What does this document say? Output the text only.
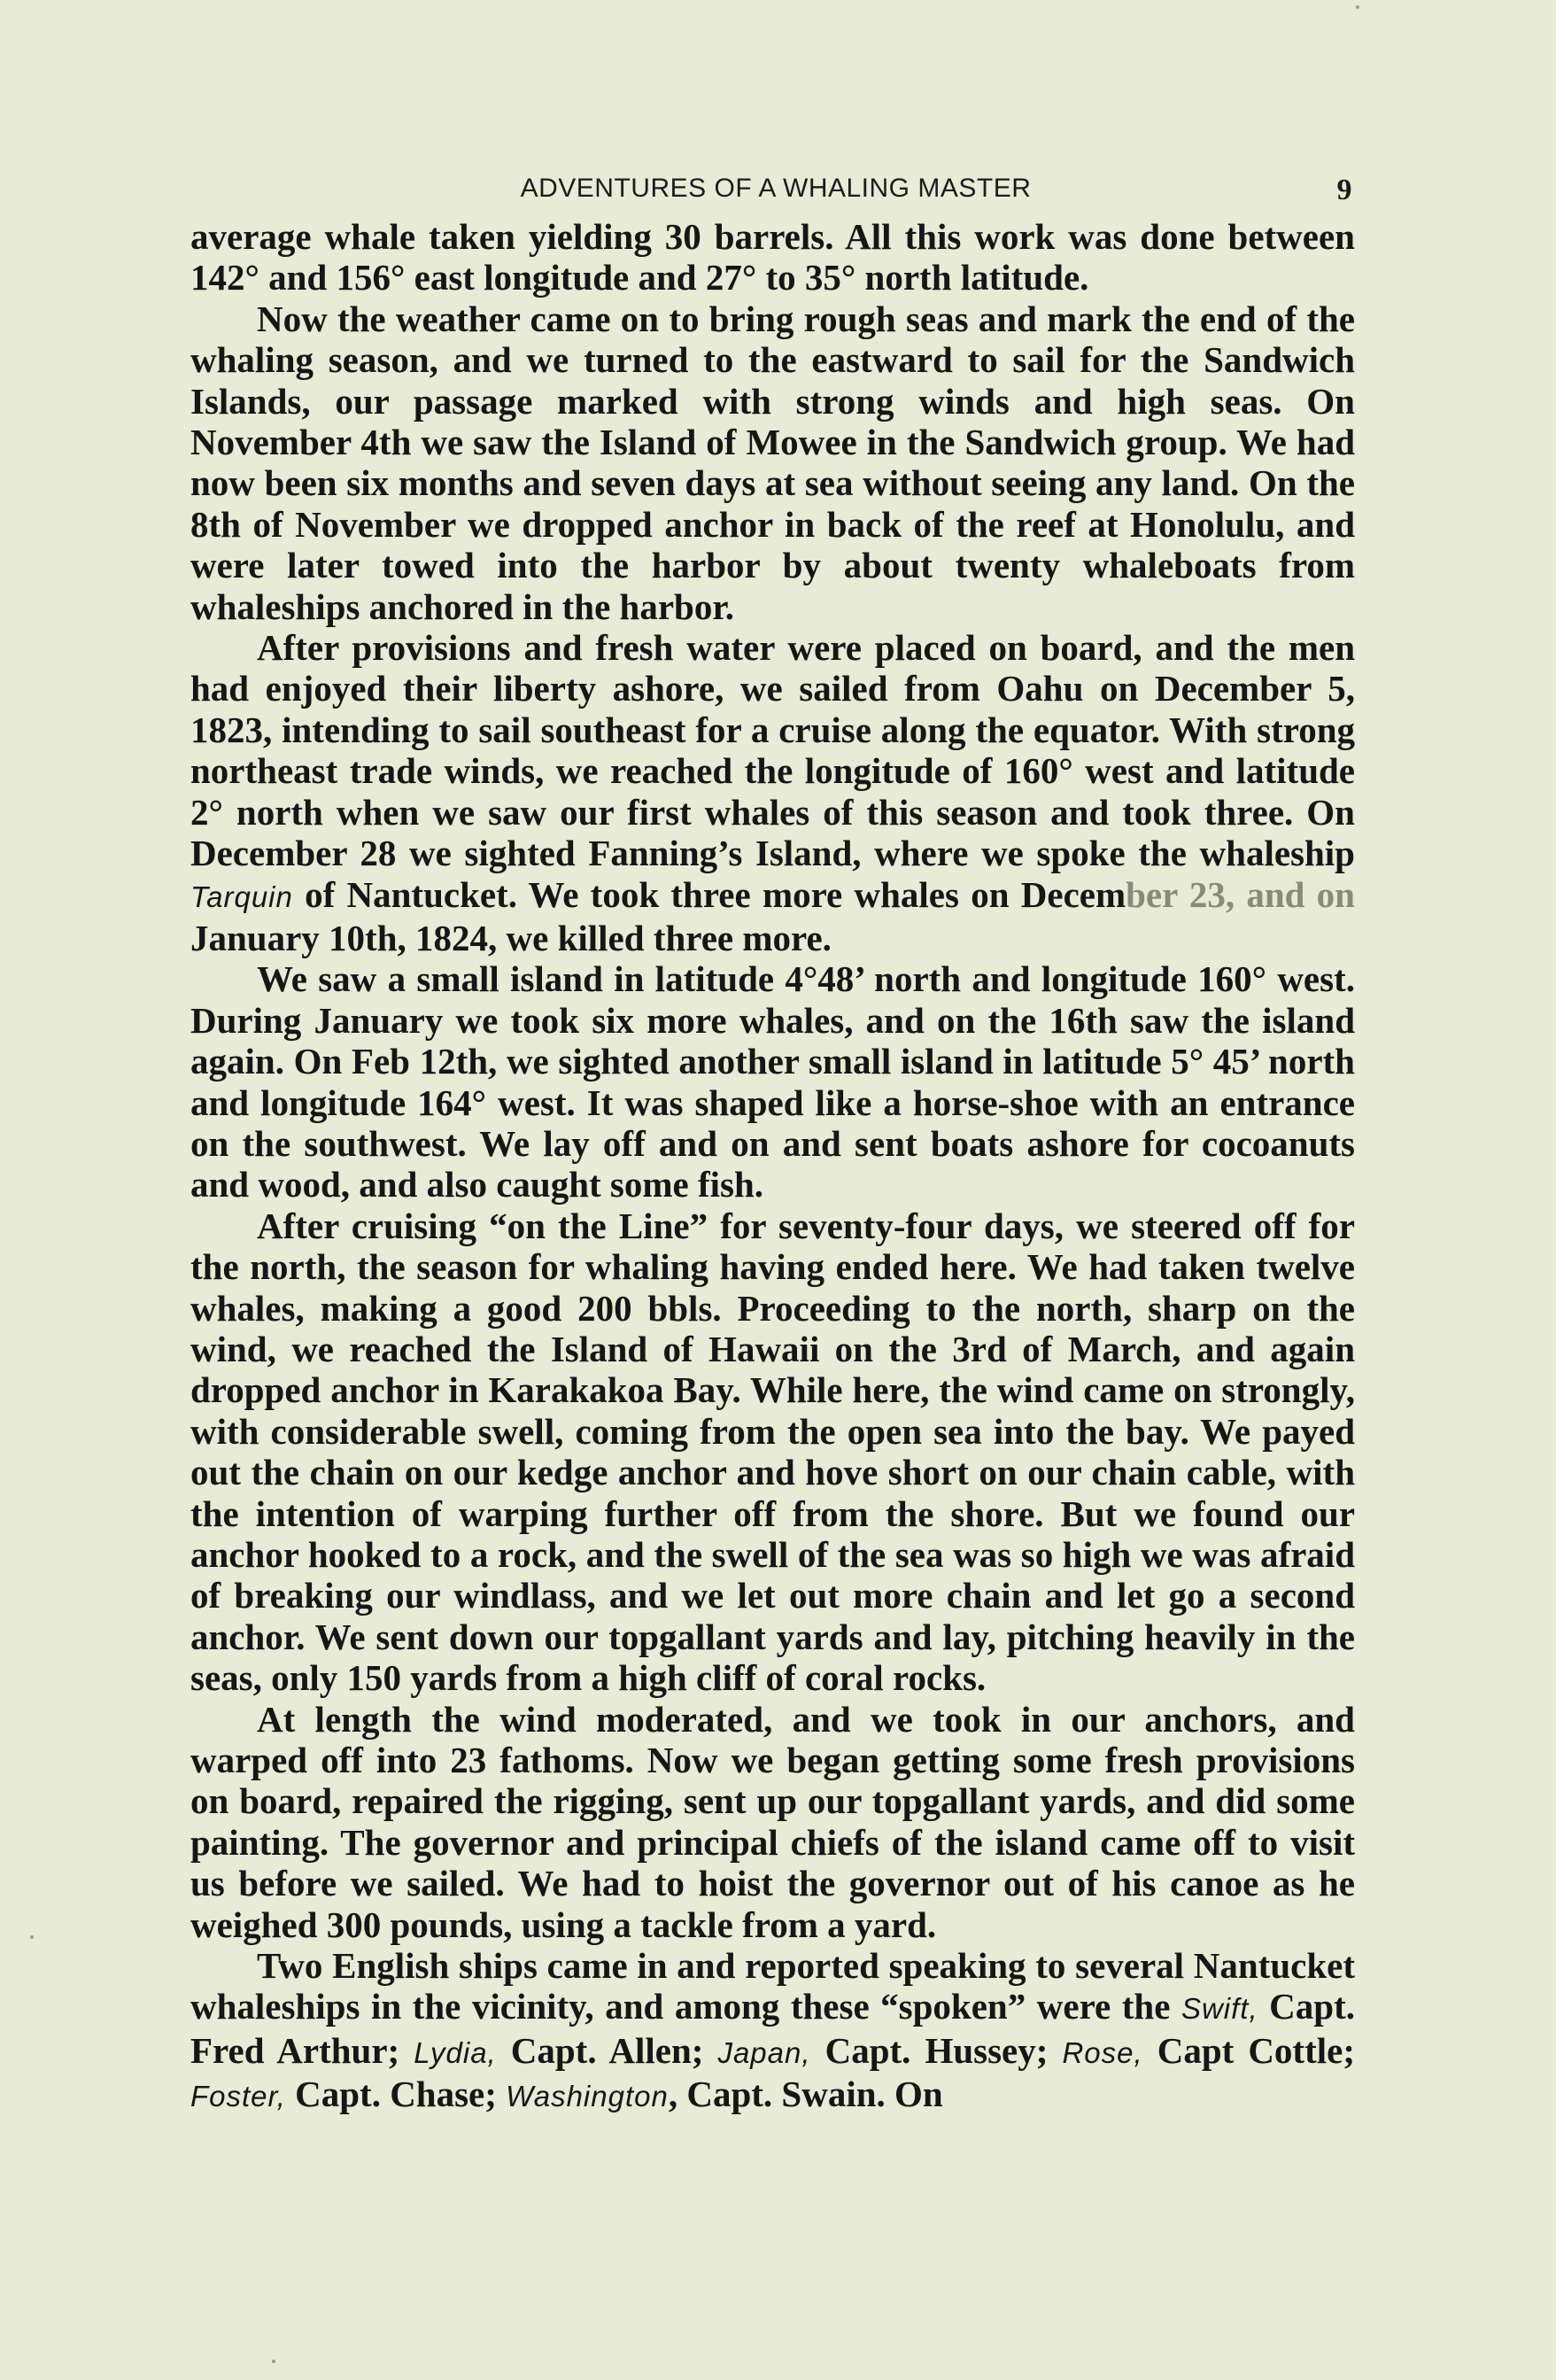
ADVENTURES OF A WHALING MASTER	9

average whale taken yielding 30 barrels. All this work was done between 142° and 156° east longitude and 27° to 35° north latitude.

Now the weather came on to bring rough seas and mark the end of the whaling season, and we turned to the eastward to sail for the Sandwich Islands, our passage marked with strong winds and high seas. On November 4th we saw the Island of Mowee in the Sandwich group. We had now been six months and seven days at sea without seeing any land. On the 8th of November we dropped anchor in back of the reef at Honolulu, and were later towed into the harbor by about twenty whaleboats from whaleships anchored in the harbor.

After provisions and fresh water were placed on board, and the men had enjoyed their liberty ashore, we sailed from Oahu on December 5, 1823, intending to sail southeast for a cruise along the equator. With strong northeast trade winds, we reached the longitude of 160° west and latitude 2° north when we saw our first whales of this season and took three. On December 28 we sighted Fanning’s Island, where we spoke the whaleship Tarquin of Nantucket. We took three more whales on December 23, and on January 10th, 1824, we killed three more.

We saw a small island in latitude 4°48’ north and longitude 160° west. During January we took six more whales, and on the 16th saw the island again. On Feb 12th, we sighted another small island in latitude 5° 45’ north and longitude 164° west. It was shaped like a horse-shoe with an entrance on the southwest. We lay off and on and sent boats ashore for cocoanuts and wood, and also caught some fish.

After cruising “on the Line” for seventy-four days, we steered off for the north, the season for whaling having ended here. We had taken twelve whales, making a good 200 bbls. Proceeding to the north, sharp on the wind, we reached the Island of Hawaii on the 3rd of March, and again dropped anchor in Karakakoa Bay. While here, the wind came on strongly, with considerable swell, coming from the open sea into the bay. We payed out the chain on our kedge anchor and hove short on our chain cable, with the intention of warping further off from the shore. But we found our anchor hooked to a rock, and the swell of the sea was so high we was afraid of breaking our windlass, and we let out more chain and let go a second anchor. We sent down our topgallant yards and lay, pitching heavily in the seas, only 150 yards from a high cliff of coral rocks.

At length the wind moderated, and we took in our anchors, and warped off into 23 fathoms. Now we began getting some fresh provisions on board, repaired the rigging, sent up our topgallant yards, and did some painting. The governor and principal chiefs of the island came off to visit us before we sailed. We had to hoist the governor out of his canoe as he weighed 300 pounds, using a tackle from a yard.

Two English ships came in and reported speaking to several Nantucket whaleships in the vicinity, and among these “spoken” were the Swift, Capt. Fred Arthur; Lydia, Capt. Allen; Japan, Capt. Hussey; Rose, Capt Cottle; Foster, Capt. Chase; Washington, Capt. Swain. On
